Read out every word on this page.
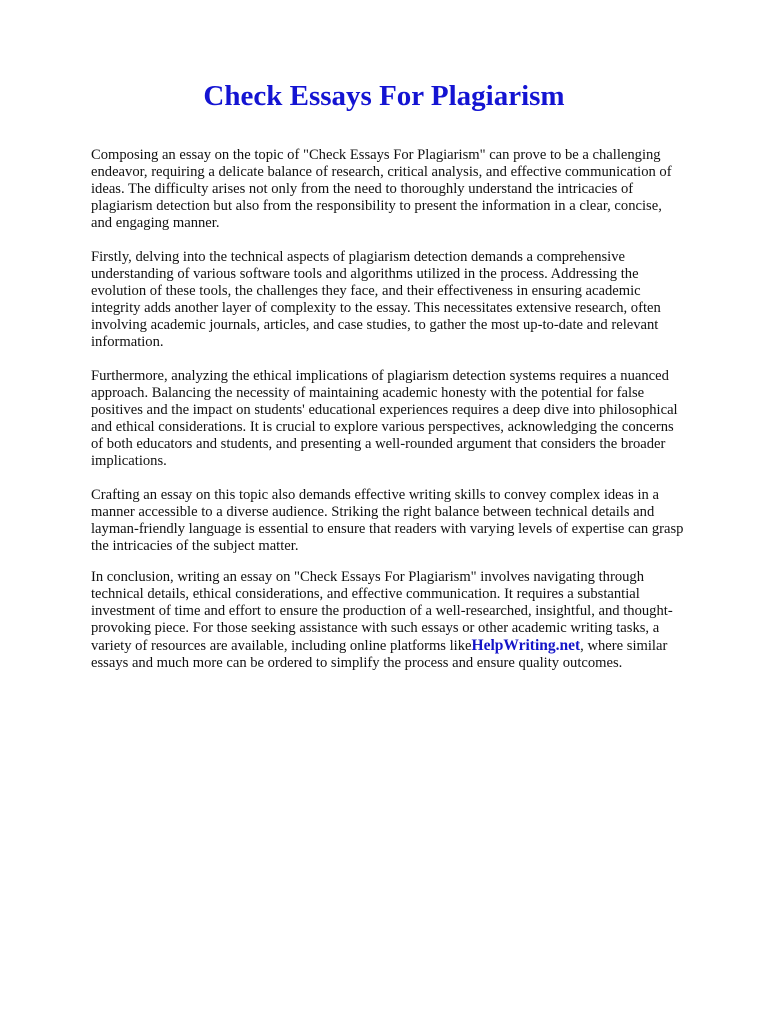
Check Essays For Plagiarism

Composing an essay on the topic of "Check Essays For Plagiarism" can prove to be a challenging
endeavor, requiring a delicate balance of research, critical analysis, and effective communication of
ideas. The difficulty arises not only from the need to thoroughly understand the intricacies of
plagiarism detection but also from the responsibility to present the information in a clear, concise,
and engaging manner.

Firstly, delving into the technical aspects of plagiarism detection demands a comprehensive
understanding of various software tools and algorithms utilized in the process. Addressing the
evolution of these tools, the challenges they face, and their effectiveness in ensuring academic
integrity adds another layer of complexity to the essay. This necessitates extensive research, often
involving academic journals, articles, and case studies, to gather the most up-to-date and relevant
information.

Furthermore, analyzing the ethical implications of plagiarism detection systems requires a nuanced
approach. Balancing the necessity of maintaining academic honesty with the potential for false
positives and the impact on students' educational experiences requires a deep dive into philosophical
and ethical considerations. It is crucial to explore various perspectives, acknowledging the concerns
of both educators and students, and presenting a well-rounded argument that considers the broader
implications.

Crafting an essay on this topic also demands effective writing skills to convey complex ideas in a
manner accessible to a diverse audience. Striking the right balance between technical details and
layman-friendly language is essential to ensure that readers with varying levels of expertise can grasp
the intricacies of the subject matter.

In conclusion, writing an essay on "Check Essays For Plagiarism" involves navigating through
technical details, ethical considerations, and effective communication. It requires a substantial
investment of time and effort to ensure the production of a well-researched, insightful, and thought-
provoking piece. For those seeking assistance with such essays or other academic writing tasks, a
variety of resources are available, including online platforms likeHelpWriting.net, where similar
essays and much more can be ordered to simplify the process and ensure quality outcomes.
